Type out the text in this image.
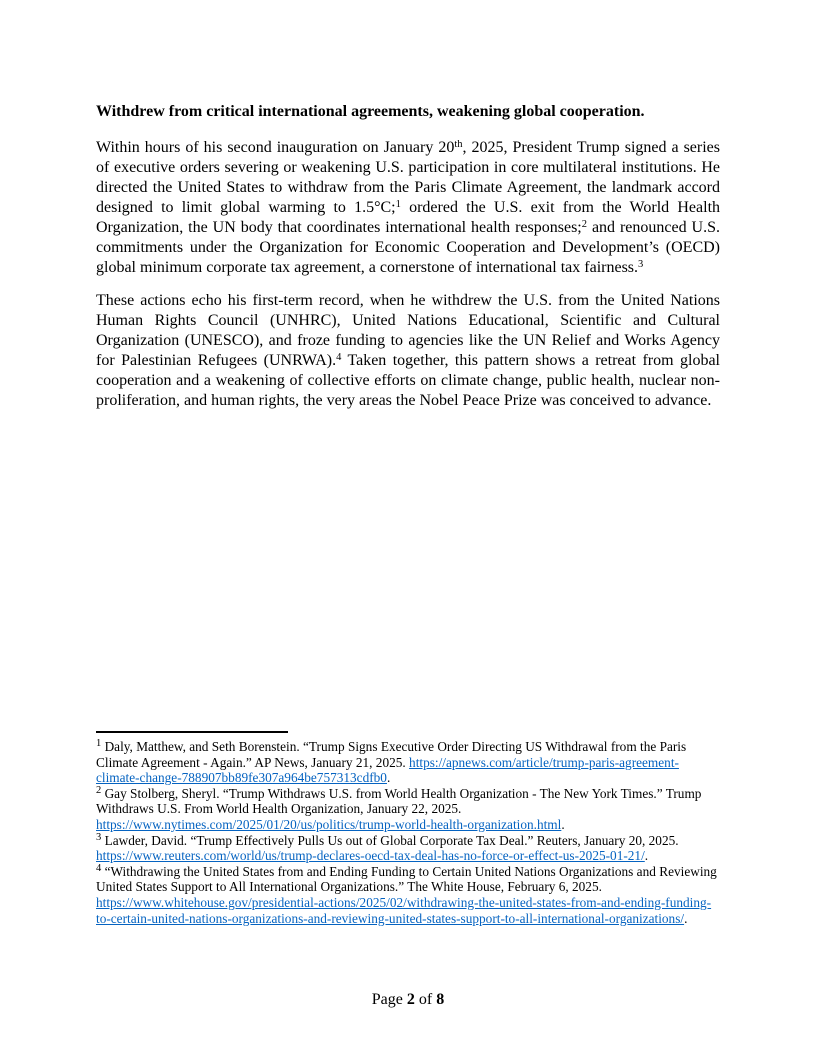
Withdrew from critical international agreements, weakening global cooperation.

Within hours of his second inauguration on January 20th, 2025, President Trump signed a series of executive orders severing or weakening U.S. participation in core multilateral institutions. He directed the United States to withdraw from the Paris Climate Agreement, the landmark accord designed to limit global warming to 1.5°C;$^1$ ordered the U.S. exit from the World Health Organization, the UN body that coordinates international health responses;$^2$ and renounced U.S. commitments under the Organization for Economic Cooperation and Development’s (OECD) global minimum corporate tax agreement, a cornerstone of international tax fairness.$^3$

These actions echo his first-term record, when he withdrew the U.S. from the United Nations Human Rights Council (UNHRC), United Nations Educational, Scientific and Cultural Organization (UNESCO), and froze funding to agencies like the UN Relief and Works Agency for Palestinian Refugees (UNRWA).$^4$ Taken together, this pattern shows a retreat from global cooperation and a weakening of collective efforts on climate change, public health, nuclear non-proliferation, and human rights, the very areas the Nobel Peace Prize was conceived to advance.

$^1$ Daly, Matthew, and Seth Borenstein. “Trump Signs Executive Order Directing US Withdrawal from the Paris Climate Agreement - Again.” AP News, January 21, 2025. https://apnews.com/article/trump-paris-agreement-climate-change-788907bb89fe307a964be757313cdfb0.

$^2$ Gay Stolberg, Sheryl. “Trump Withdraws U.S. from World Health Organization - The New York Times.” Trump Withdraws U.S. From World Health Organization, January 22, 2025. https://www.nytimes.com/2025/01/20/us/politics/trump-world-health-organization.html.

$^3$ Lawder, David. “Trump Effectively Pulls Us out of Global Corporate Tax Deal.” Reuters, January 20, 2025. https://www.reuters.com/world/us/trump-declares-oecd-tax-deal-has-no-force-or-effect-us-2025-01-21/.

$^4$ “Withdrawing the United States from and Ending Funding to Certain United Nations Organizations and Reviewing United States Support to All International Organizations.” The White House, February 6, 2025. https://www.whitehouse.gov/presidential-actions/2025/02/withdrawing-the-united-states-from-and-ending-funding-to-certain-united-nations-organizations-and-reviewing-united-states-support-to-all-international-organizations/.

Page 2 of 8
